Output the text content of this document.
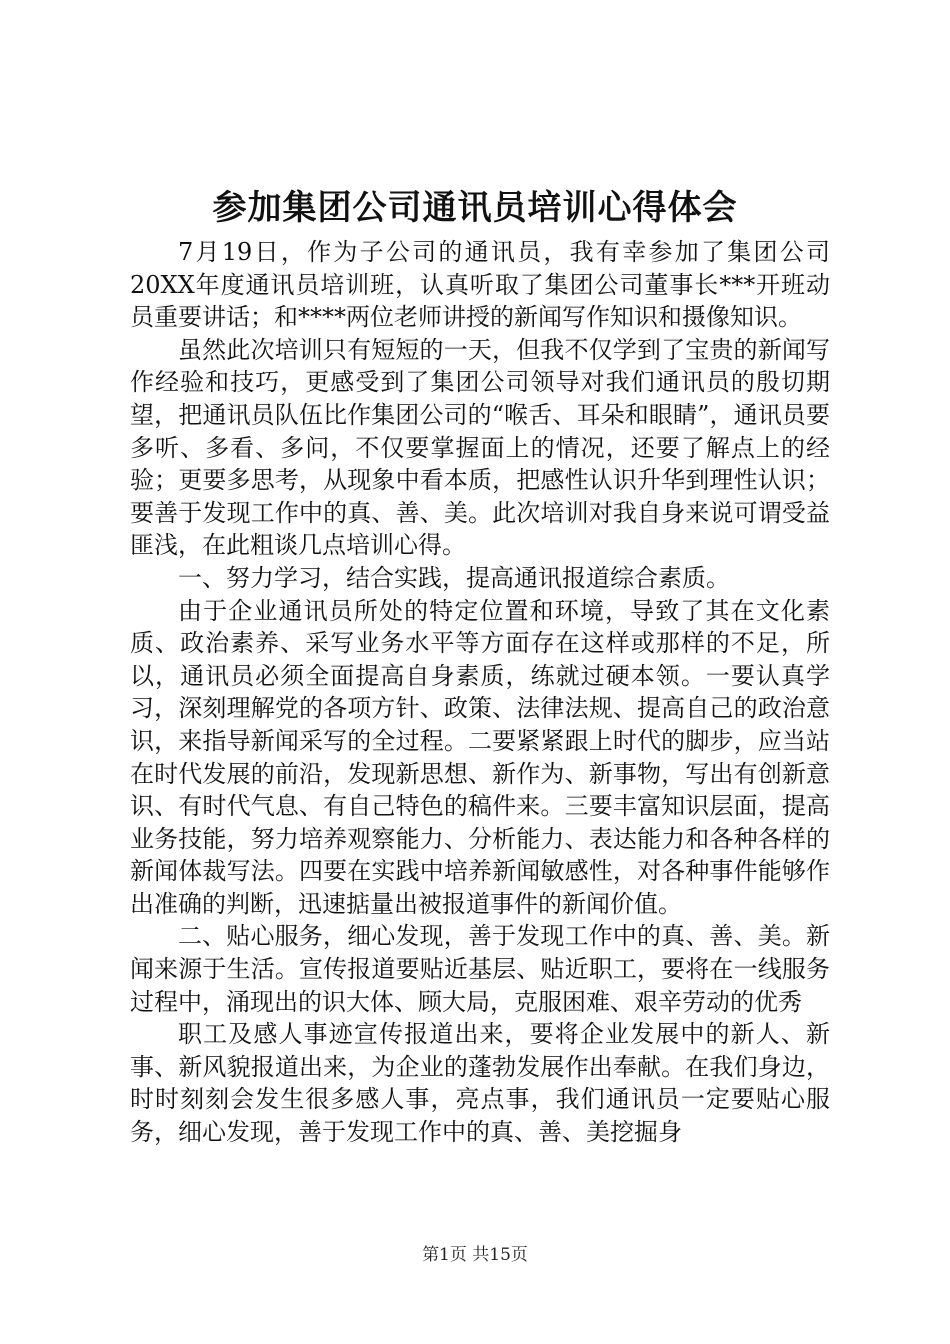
参加集团公司通讯员培训心得体会

7月19日，作为子公司的通讯员，我有幸参加了集团公司20XX年度通讯员培训班，认真听取了集团公司董事长***开班动员重要讲话；和****两位老师讲授的新闻写作知识和摄像知识。

虽然此次培训只有短短的一天，但我不仅学到了宝贵的新闻写作经验和技巧，更感受到了集团公司领导对我们通讯员的殷切期望，把通讯员队伍比作集团公司的“喉舌、耳朵和眼睛”，通讯员要多听、多看、多问，不仅要掌握面上的情况，还要了解点上的经验；更要多思考，从现象中看本质，把感性认识升华到理性认识；要善于发现工作中的真、善、美。此次培训对我自身来说可谓受益匪浅，在此粗谈几点培训心得。

一、努力学习，结合实践，提高通讯报道综合素质。

由于企业通讯员所处的特定位置和环境，导致了其在文化素质、政治素养、采写业务水平等方面存在这样或那样的不足，所以，通讯员必须全面提高自身素质，练就过硬本领。一要认真学习，深刻理解党的各项方针、政策、法律法规、提高自己的政治意识，来指导新闻采写的全过程。二要紧紧跟上时代的脚步，应当站在时代发展的前沿，发现新思想、新作为、新事物，写出有创新意识、有时代气息、有自己特色的稿件来。三要丰富知识层面，提高业务技能，努力培养观察能力、分析能力、表达能力和各种各样的新闻体裁写法。四要在实践中培养新闻敏感性，对各种事件能够作出准确的判断，迅速掂量出被报道事件的新闻价值。

二、贴心服务，细心发现，善于发现工作中的真、善、美。新闻来源于生活。宣传报道要贴近基层、贴近职工，要将在一线服务过程中，涌现出的识大体、顾大局，克服困难、艰辛劳动的优秀

职工及感人事迹宣传报道出来，要将企业发展中的新人、新事、新风貌报道出来，为企业的蓬勃发展作出奉献。在我们身边，时时刻刻会发生很多感人事，亮点事，我们通讯员一定要贴心服务，细心发现，善于发现工作中的真、善、美挖掘身

第1页 共15页
